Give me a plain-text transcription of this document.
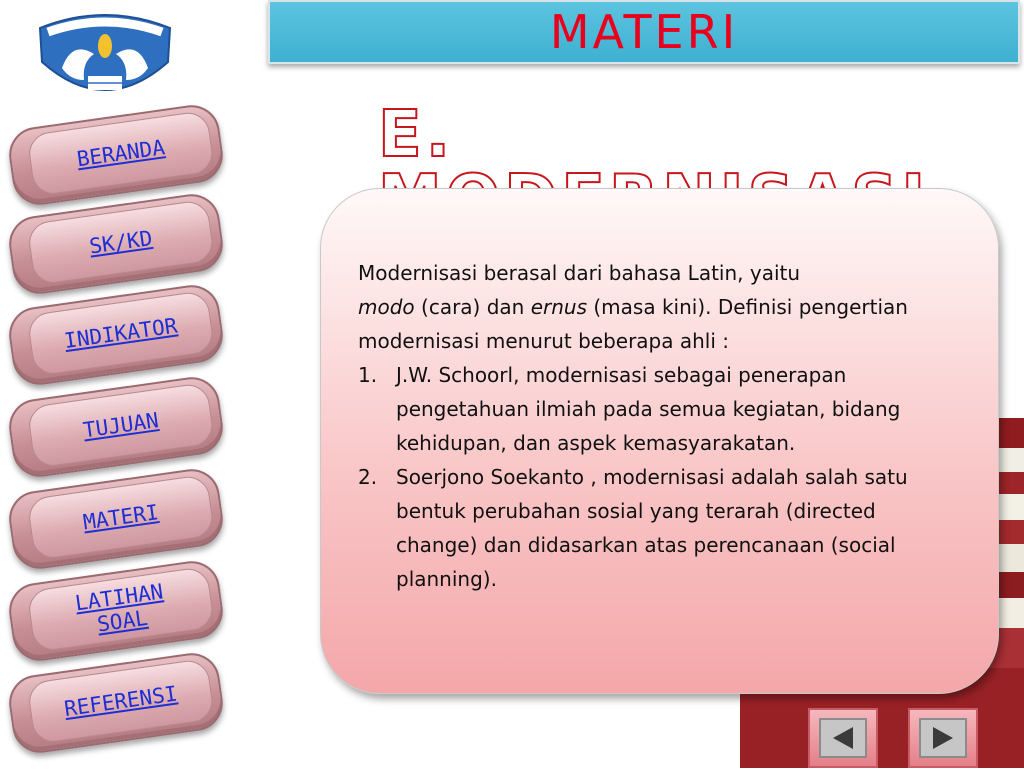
MATERI
E.

Modernisasi berasal dari bahasa Latin, yaitu
modo (cara) dan ernus (masa kini). Definisi pengertian modernisasi menurut beberapa ahli :

1. J.W. Schoorl, modernisasi sebagai penerapan pengetahuan ilmiah pada semua kegiatan, bidang kehidupan, dan aspek kemasyarakatan.
2. Soerjono Soekanto , modernisasi adalah salah satu bentuk perubahan sosial yang terarah (directed change) dan didasarkan atas perencanaan (social planning).
BERANDA
SK/KD
INDIKATOR
TUJUAN
MATERI
LATIHAN SOAL
REFERENSI
